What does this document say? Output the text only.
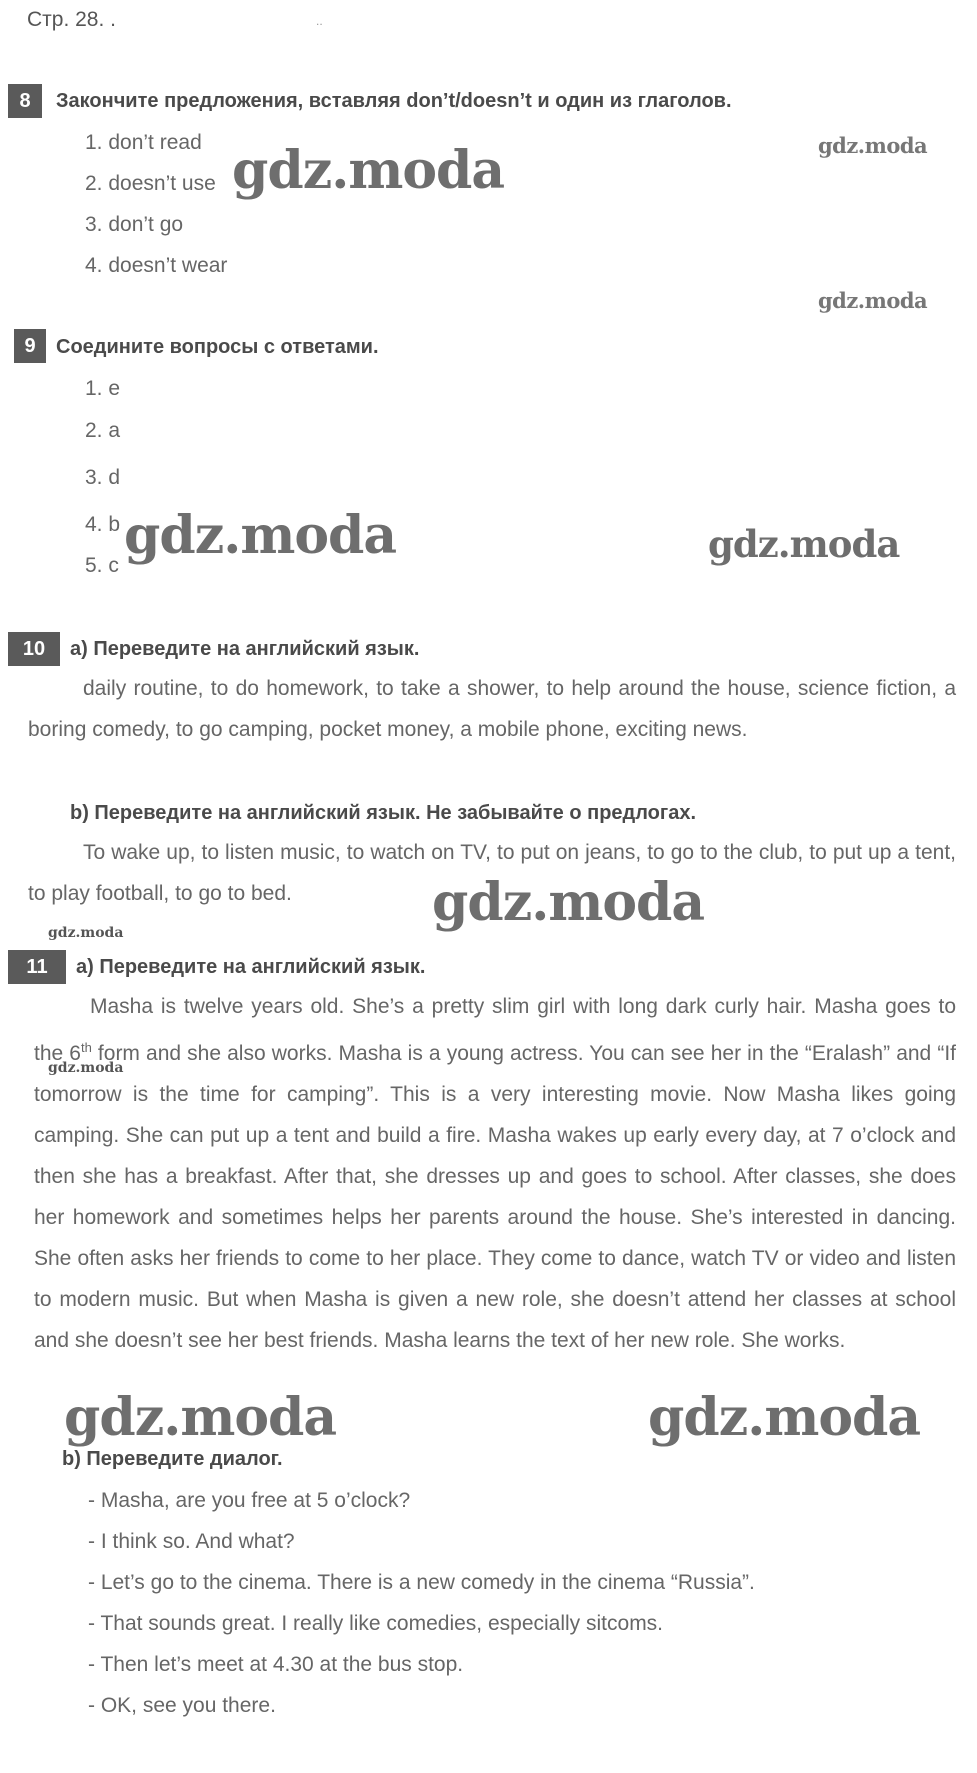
Стр. 28. .	..
8	Закончите предложения, вставляя don’t/doesn’t и один из глаголов.
1. don’t read
2. doesn’t use
3. don’t go
4. doesn’t wear
9	Соедините вопросы с ответами.
1. e
2. a
3. d
4. b
5. c
10	а) Переведите на английский язык.
daily routine, to do homework, to take a shower, to help around the house, science fiction, a boring comedy, to go camping, pocket money, a mobile phone, exciting news.
b) Переведите на английский язык. Не забывайте о предлогах.
To wake up, to listen music, to watch on TV, to put on jeans, to go to the club, to put up a tent, to play football, to go to bed.
11	а) Переведите на английский язык.
Masha is twelve years old. She’s a pretty slim girl with long dark curly hair. Masha goes to the 6th form and she also works. Masha is a young actress. You can see her in the “Eralash” and “If tomorrow is the time for camping”. This is a very interesting movie. Now Masha likes going camping. She can put up a tent and build a fire. Masha wakes up early every day, at 7 o’clock and then she has a breakfast. After that, she dresses up and goes to school. After classes, she does her homework and sometimes helps her parents around the house. She’s interested in dancing. She often asks her friends to come to her place. They come to dance, watch TV or video and listen to modern music. But when Masha is given a new role, she doesn’t attend her classes at school and she doesn’t see her best friends. Masha learns the text of her new role. She works.
b) Переведите диалог.
- Masha, are you free at 5 o’clock?
- I think so. And what?
- Let’s go to the cinema. There is a new comedy in the cinema “Russia”.
- That sounds great. I really like comedies, especially sitcoms.
- Then let’s meet at 4.30 at the bus stop.
- OK, see you there.
gdz.moda	gdz.moda
gdz.moda
gdz.moda	gdz.moda
gdz.moda
gdz.moda
gdz.moda
gdz.moda	gdz.moda
